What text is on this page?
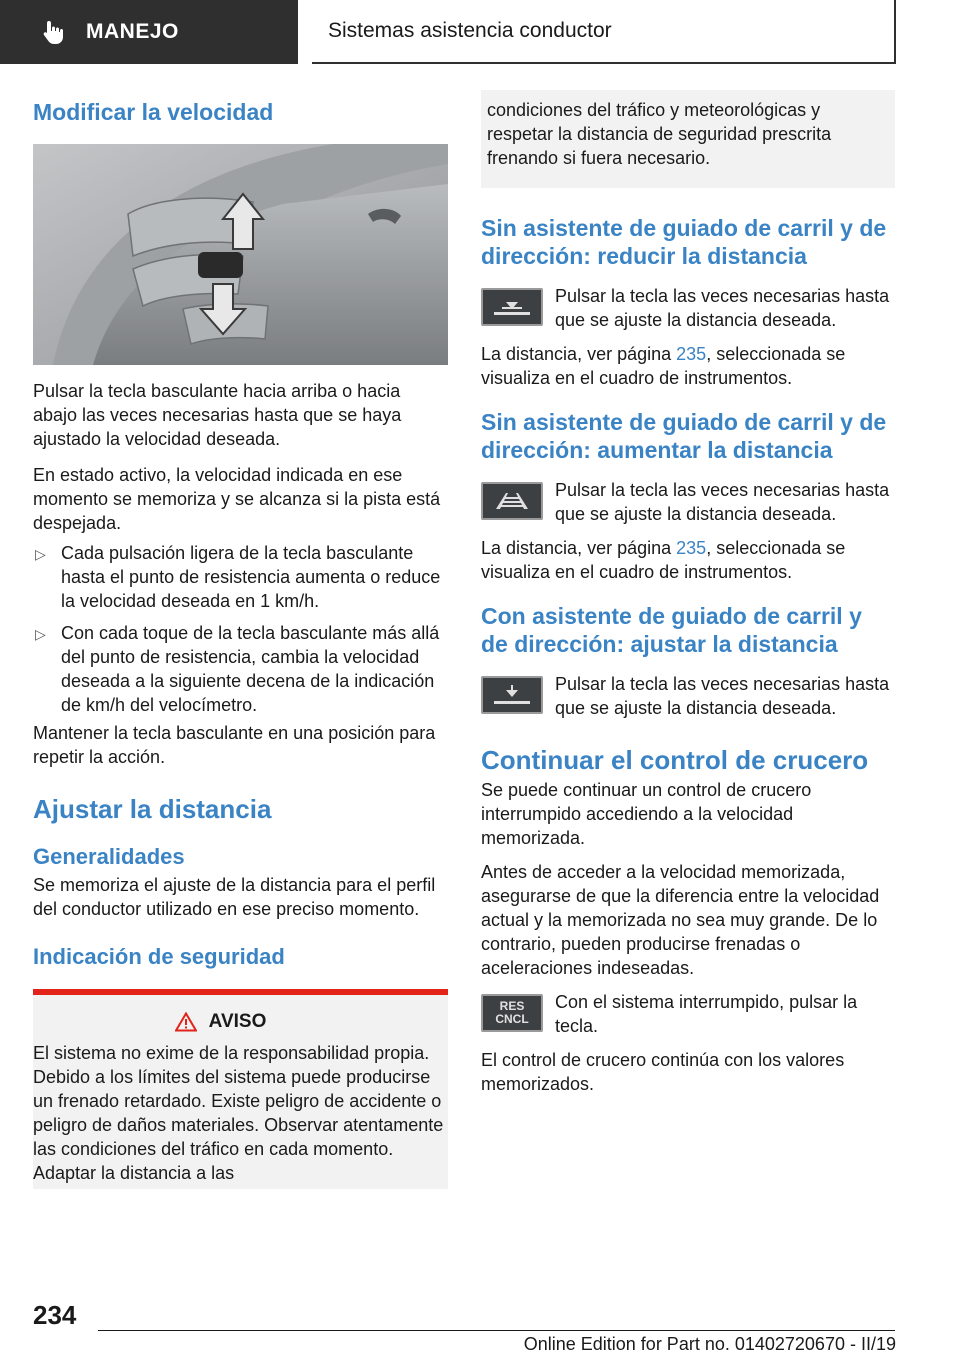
MANEJO	Sistemas asistencia conductor
Modificar la velocidad

Pulsar la tecla basculante hacia arriba o hacia abajo las veces necesarias hasta que se haya ajustado la velocidad deseada.

En estado activo, la velocidad indicada en ese momento se memoriza y se alcanza si la pista está despejada.

▷ Cada pulsación ligera de la tecla basculante hasta el punto de resistencia aumenta o reduce la velocidad deseada en 1 km/h.
▷ Con cada toque de la tecla basculante más allá del punto de resistencia, cambia la velocidad deseada a la siguiente decena de la indicación de km/h del velocímetro.

Mantener la tecla basculante en una posición para repetir la acción.

Ajustar la distancia
Generalidades

Se memoriza el ajuste de la distancia para el perfil del conductor utilizado en ese preciso momento.

Indicación de seguridad
AVISO

El sistema no exime de la responsabilidad propia. Debido a los límites del sistema puede producirse un frenado retardado. Existe peligro de accidente o peligro de daños materiales. Observar atentamente las condiciones del tráfico en cada momento. Adaptar la distancia a las

condiciones del tráfico y meteorológicas y respetar la distancia de seguridad prescrita frenando si fuera necesario.

Sin asistente de guiado de carril y de dirección: reducir la distancia

Pulsar la tecla las veces necesarias hasta que se ajuste la distancia deseada.

La distancia, ver página 235, seleccionada se visualiza en el cuadro de instrumentos.

Sin asistente de guiado de carril y de dirección: aumentar la distancia

Pulsar la tecla las veces necesarias hasta que se ajuste la distancia deseada.

La distancia, ver página 235, seleccionada se visualiza en el cuadro de instrumentos.

Con asistente de guiado de carril y de dirección: ajustar la distancia

Pulsar la tecla las veces necesarias hasta que se ajuste la distancia deseada.

Continuar el control de crucero

Se puede continuar un control de crucero interrumpido accediendo a la velocidad memorizada.

Antes de acceder a la velocidad memorizada, asegurarse de que la diferencia entre la velocidad actual y la memorizada no sea muy grande. De lo contrario, pueden producirse frenadas o aceleraciones indeseadas.

RES
CNCL

Con el sistema interrumpido, pulsar la tecla.

El control de crucero continúa con los valores memorizados.

234
Online Edition for Part no. 01402720670 - II/19
